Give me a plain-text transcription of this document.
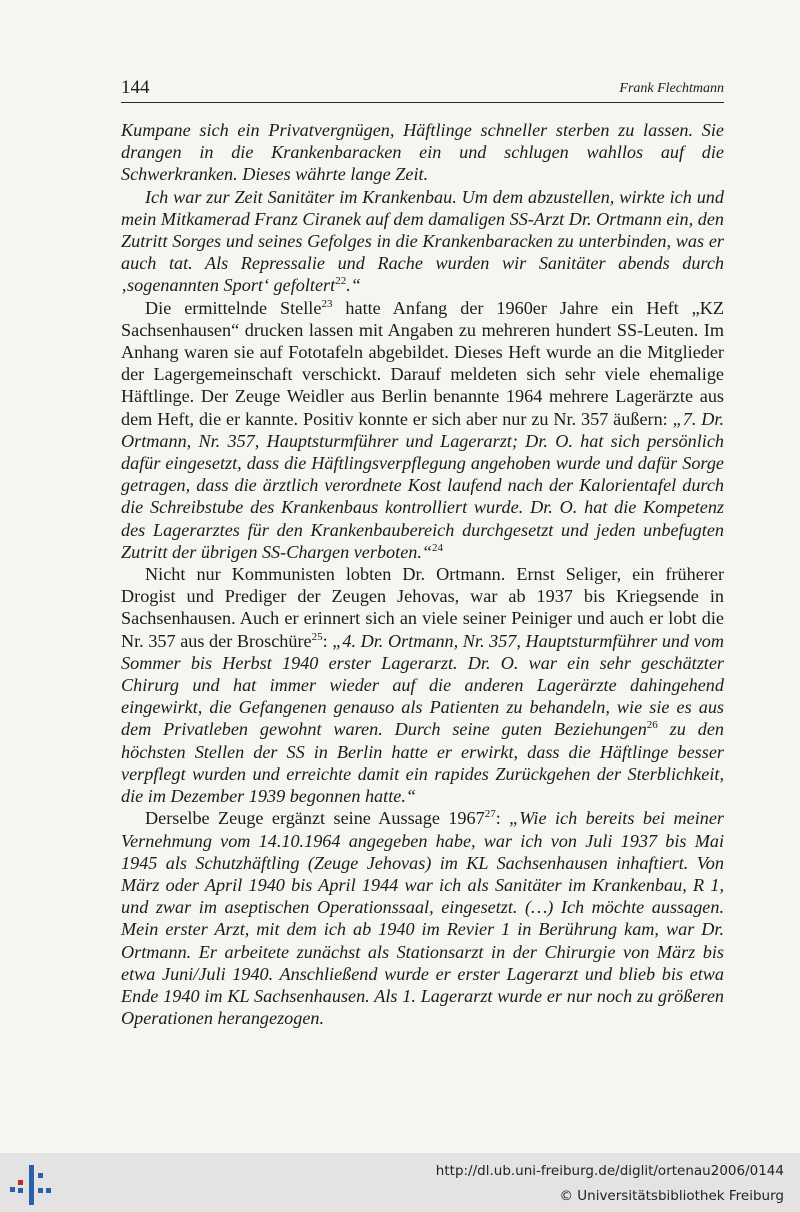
144	Frank Flechtmann

Kumpane sich ein Privatvergnügen, Häftlinge schneller sterben zu lassen. Sie drangen in die Krankenbaracken ein und schlugen wahllos auf die Schwerkranken. Dieses währte lange Zeit.

Ich war zur Zeit Sanitäter im Krankenbau. Um dem abzustellen, wirkte ich und mein Mitkamerad Franz Ciranek auf dem damaligen SS-Arzt Dr. Ortmann ein, den Zutritt Sorges und seines Gefolges in die Krankenbaracken zu unterbinden, was er auch tat. Als Repressalie und Rache wurden wir Sanitäter abends durch ‚sogenannten Sport‘ gefoltert$^{22}$.“

Die ermittelnde Stelle$^{23}$ hatte Anfang der 1960er Jahre ein Heft „KZ Sachsenhausen“ drucken lassen mit Angaben zu mehreren hundert SS-Leuten. Im Anhang waren sie auf Fototafeln abgebildet. Dieses Heft wurde an die Mitglieder der Lagergemeinschaft verschickt. Darauf meldeten sich sehr viele ehemalige Häftlinge. Der Zeuge Weidler aus Berlin benannte 1964 mehrere Lagerärzte aus dem Heft, die er kannte. Positiv konnte er sich aber nur zu Nr. 357 äußern: „7. Dr. Ortmann, Nr. 357, Hauptsturmführer und Lagerarzt; Dr. O. hat sich persönlich dafür eingesetzt, dass die Häftlingsverpflegung angehoben wurde und dafür Sorge getragen, dass die ärztlich verordnete Kost laufend nach der Kalorientafel durch die Schreibstube des Krankenbaus kontrolliert wurde. Dr. O. hat die Kompetenz des Lagerarztes für den Krankenbaubereich durchgesetzt und jeden unbefugten Zutritt der übrigen SS-Chargen verboten.“$^{24}$

Nicht nur Kommunisten lobten Dr. Ortmann. Ernst Seliger, ein früherer Drogist und Prediger der Zeugen Jehovas, war ab 1937 bis Kriegsende in Sachsenhausen. Auch er erinnert sich an viele seiner Peiniger und auch er lobt die Nr. 357 aus der Broschüre$^{25}$: „4. Dr. Ortmann, Nr. 357, Hauptsturmführer und vom Sommer bis Herbst 1940 erster Lagerarzt. Dr. O. war ein sehr geschätzter Chirurg und hat immer wieder auf die anderen Lagerärzte dahingehend eingewirkt, die Gefangenen genauso als Patienten zu behandeln, wie sie es aus dem Privatleben gewohnt waren. Durch seine guten Beziehungen$^{26}$ zu den höchsten Stellen der SS in Berlin hatte er erwirkt, dass die Häftlinge besser verpflegt wurden und erreichte damit ein rapides Zurückgehen der Sterblichkeit, die im Dezember 1939 begonnen hatte.“

Derselbe Zeuge ergänzt seine Aussage 1967$^{27}$: „Wie ich bereits bei meiner Vernehmung vom 14.10.1964 angegeben habe, war ich von Juli 1937 bis Mai 1945 als Schutzhäftling (Zeuge Jehovas) im KL Sachsenhausen inhaftiert. Von März oder April 1940 bis April 1944 war ich als Sanitäter im Krankenbau, R 1, und zwar im aseptischen Operationssaal, eingesetzt. (…) Ich möchte aussagen. Mein erster Arzt, mit dem ich ab 1940 im Revier 1 in Berührung kam, war Dr. Ortmann. Er arbeitete zunächst als Stationsarzt in der Chirurgie von März bis etwa Juni/Juli 1940. Anschließend wurde er erster Lagerarzt und blieb bis etwa Ende 1940 im KL Sachsenhausen. Als 1. Lagerarzt wurde er nur noch zu größeren Operationen herangezogen.

http://dl.ub.uni-freiburg.de/diglit/ortenau2006/0144
© Universitätsbibliothek Freiburg
